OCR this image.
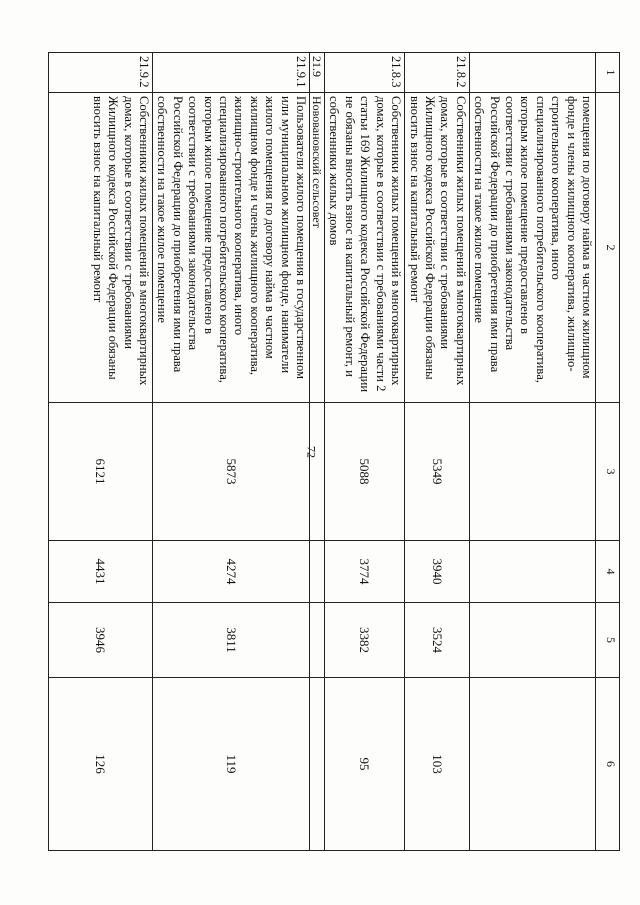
72
1	2	3	4	5	6
	помещения по договору найма в частном жилищном фонде и члены жилищного кооператива, жилищно-строительного кооператива, иного специализированного потребительского кооператива, которым жилое помещение предоставлено в соответствии с требованиями законодательства Российской Федерации до приобретения ими права собственности на такое жилое помещение				
21.8.2	Собственники жилых помещений в многоквартирных домах, которые в соответствии с требованиями Жилищного кодекса Российской Федерации обязаны вносить взнос на капитальный ремонт	5349	3940	3524	103
21.8.3	Собственники жилых помещений в многоквартирных домах, которые в соответствии с требованиями части 2 статьи 169 Жилищного кодекса Российской Федерации не обязаны вносить взнос на капитальный ремонт, и собственники жилых домов	5088	3774	3382	95
21.9	Нововановский сельсовет				
21.9.1	Пользователи жилого помещения в государственном или муниципальном жилищном фонде, наниматели жилого помещения по договору найма в частном жилищном фонде и члены жилищного кооператива, жилищно-строительного кооператива, иного специализированного потребительского кооператива, которым жилое помещение предоставлено в соответствии с требованиями законодательства Российской Федерации до приобретения ими права собственности на такое жилое помещение	5873	4274	3811	119
21.9.2	Собственники жилых помещений в многоквартирных домах, которые в соответствии с требованиями Жилищного кодекса Российской Федерации обязаны вносить взнос на капитальный ремонт	6121	4431	3946	126
